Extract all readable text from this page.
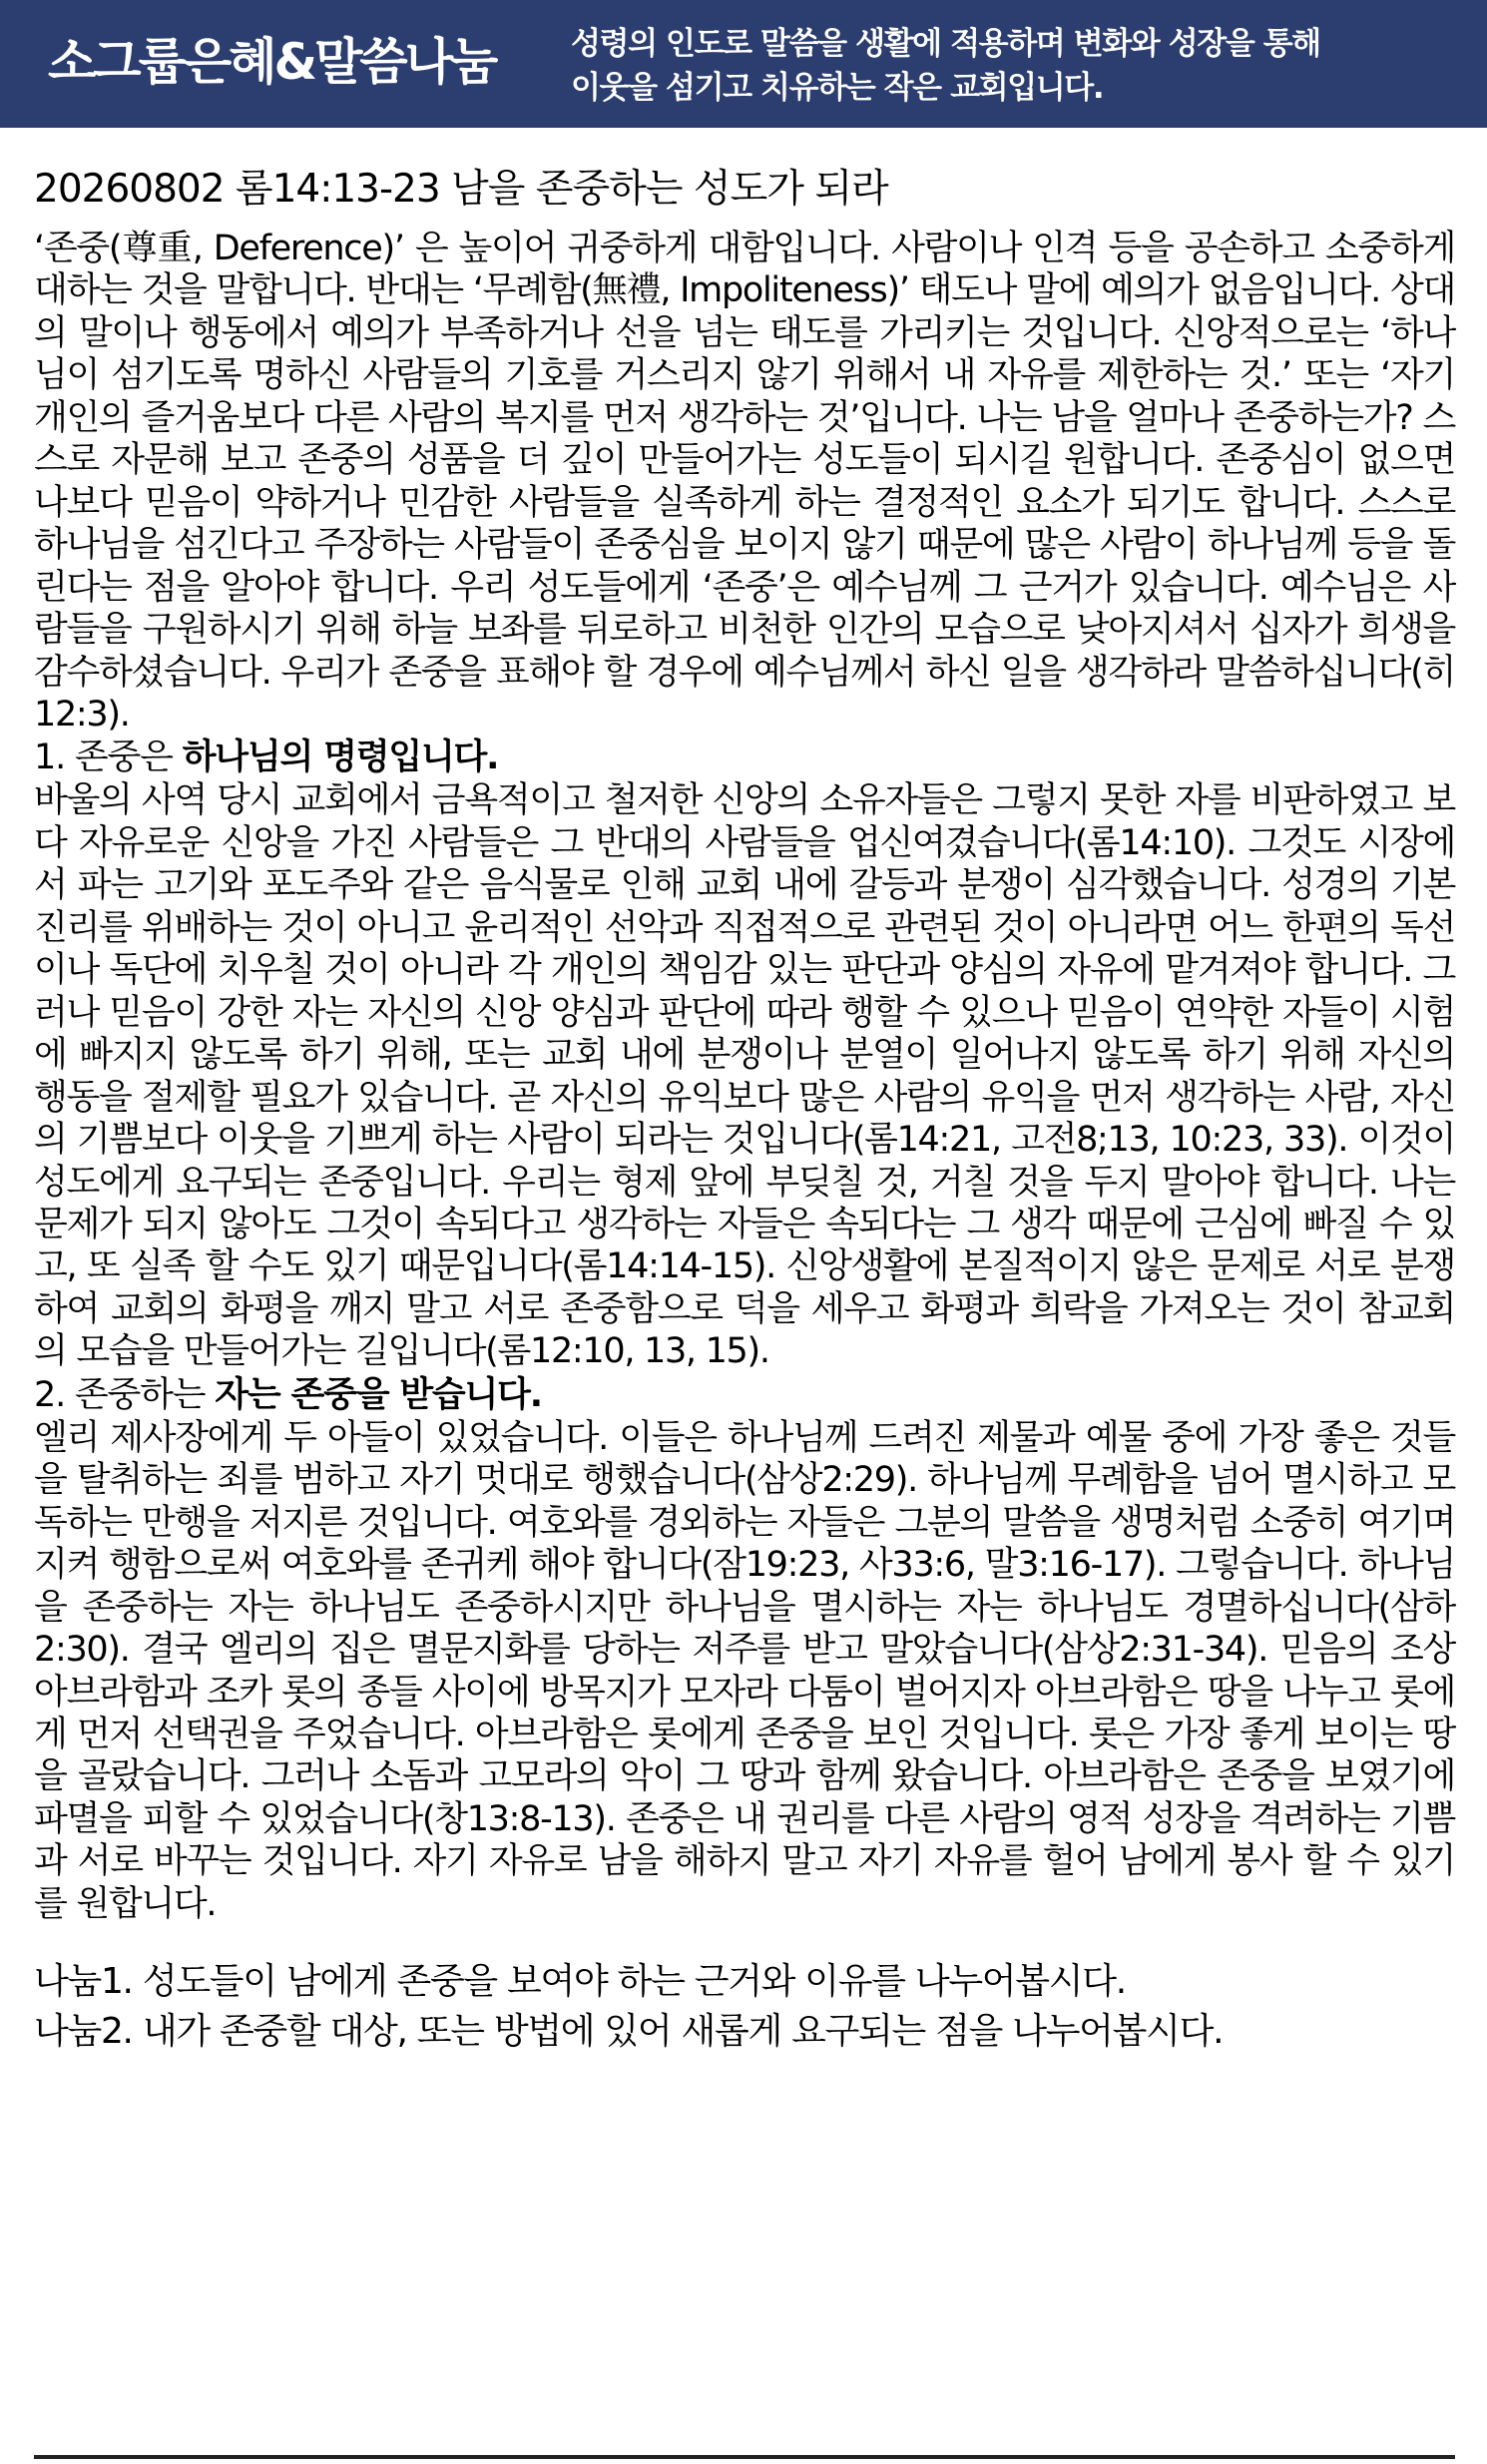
소그룹은혜&말씀나눔 성령의 인도로 말씀을 생활에 적용하며 변화와 성장을 통해
이웃을 섬기고 치유하는 작은 교회입니다.
20260802 롬14:13-23 남을 존중하는 성도가 되라

‘존중(尊重, Deference)’ 은 높이어 귀중하게 대함입니다. 사람이나 인격 등을 공손하고 소중하게 대하는 것을 말합니다. 반대는 ‘무례함(無禮, Impoliteness)’ 태도나 말에 예의가 없음입니다. 상대의 말이나 행동에서 예의가 부족하거나 선을 넘는 태도를 가리키는 것입니다. 신앙적으로는 ‘하나님이 섬기도록 명하신 사람들의 기호를 거스리지 않기 위해서 내 자유를 제한하는 것.’ 또는 ‘자기 개인의 즐거움보다 다른 사람의 복지를 먼저 생각하는 것’입니다. 나는 남을 얼마나 존중하는가? 스스로 자문해 보고 존중의 성품을 더 깊이 만들어가는 성도들이 되시길 원합니다. 존중심이 없으면 나보다 믿음이 약하거나 민감한 사람들을 실족하게 하는 결정적인 요소가 되기도 합니다. 스스로 하나님을 섬긴다고 주장하는 사람들이 존중심을 보이지 않기 때문에 많은 사람이 하나님께 등을 돌린다는 점을 알아야 합니다. 우리 성도들에게 ‘존중’은 예수님께 그 근거가 있습니다. 예수님은 사람들을 구원하시기 위해 하늘 보좌를 뒤로하고 비천한 인간의 모습으로 낮아지셔서 십자가 희생을 감수하셨습니다. 우리가 존중을 표해야 할 경우에 예수님께서 하신 일을 생각하라 말씀하십니다(히12:3).

1. 존중은 하나님의 명령입니다.

바울의 사역 당시 교회에서 금욕적이고 철저한 신앙의 소유자들은 그렇지 못한 자를 비판하였고 보다 자유로운 신앙을 가진 사람들은 그 반대의 사람들을 업신여겼습니다(롬14:10). 그것도 시장에서 파는 고기와 포도주와 같은 음식물로 인해 교회 내에 갈등과 분쟁이 심각했습니다. 성경의 기본 진리를 위배하는 것이 아니고 윤리적인 선악과 직접적으로 관련된 것이 아니라면 어느 한편의 독선이나 독단에 치우칠 것이 아니라 각 개인의 책임감 있는 판단과 양심의 자유에 맡겨져야 합니다. 그러나 믿음이 강한 자는 자신의 신앙 양심과 판단에 따라 행할 수 있으나 믿음이 연약한 자들이 시험에 빠지지 않도록 하기 위해, 또는 교회 내에 분쟁이나 분열이 일어나지 않도록 하기 위해 자신의 행동을 절제할 필요가 있습니다. 곧 자신의 유익보다 많은 사람의 유익을 먼저 생각하는 사람, 자신의 기쁨보다 이웃을 기쁘게 하는 사람이 되라는 것입니다(롬14:21, 고전8;13, 10:23, 33). 이것이 성도에게 요구되는 존중입니다. 우리는 형제 앞에 부딪칠 것, 거칠 것을 두지 말아야 합니다. 나는 문제가 되지 않아도 그것이 속되다고 생각하는 자들은 속되다는 그 생각 때문에 근심에 빠질 수 있고, 또 실족 할 수도 있기 때문입니다(롬14:14-15). 신앙생활에 본질적이지 않은 문제로 서로 분쟁하여 교회의 화평을 깨지 말고 서로 존중함으로 덕을 세우고 화평과 희락을 가져오는 것이 참교회의 모습을 만들어가는 길입니다(롬12:10, 13, 15).

2. 존중하는 자는 존중을 받습니다.

엘리 제사장에게 두 아들이 있었습니다. 이들은 하나님께 드려진 제물과 예물 중에 가장 좋은 것들을 탈취하는 죄를 범하고 자기 멋대로 행했습니다(삼상2:29). 하나님께 무례함을 넘어 멸시하고 모독하는 만행을 저지른 것입니다. 여호와를 경외하는 자들은 그분의 말씀을 생명처럼 소중히 여기며 지켜 행함으로써 여호와를 존귀케 해야 합니다(잠19:23, 사33:6, 말3:16-17). 그렇습니다. 하나님을 존중하는 자는 하나님도 존중하시지만 하나님을 멸시하는 자는 하나님도 경멸하십니다(삼하2:30). 결국 엘리의 집은 멸문지화를 당하는 저주를 받고 말았습니다(삼상2:31-34). 믿음의 조상 아브라함과 조카 롯의 종들 사이에 방목지가 모자라 다툼이 벌어지자 아브라함은 땅을 나누고 롯에게 먼저 선택권을 주었습니다. 아브라함은 롯에게 존중을 보인 것입니다. 롯은 가장 좋게 보이는 땅을 골랐습니다. 그러나 소돔과 고모라의 악이 그 땅과 함께 왔습니다. 아브라함은 존중을 보였기에 파멸을 피할 수 있었습니다(창13:8-13). 존중은 내 권리를 다른 사람의 영적 성장을 격려하는 기쁨과 서로 바꾸는 것입니다. 자기 자유로 남을 해하지 말고 자기 자유를 헐어 남에게 봉사 할 수 있기를 원합니다.

나눔1. 성도들이 남에게 존중을 보여야 하는 근거와 이유를 나누어봅시다.

나눔2. 내가 존중할 대상, 또는 방법에 있어 새롭게 요구되는 점을 나누어봅시다.
